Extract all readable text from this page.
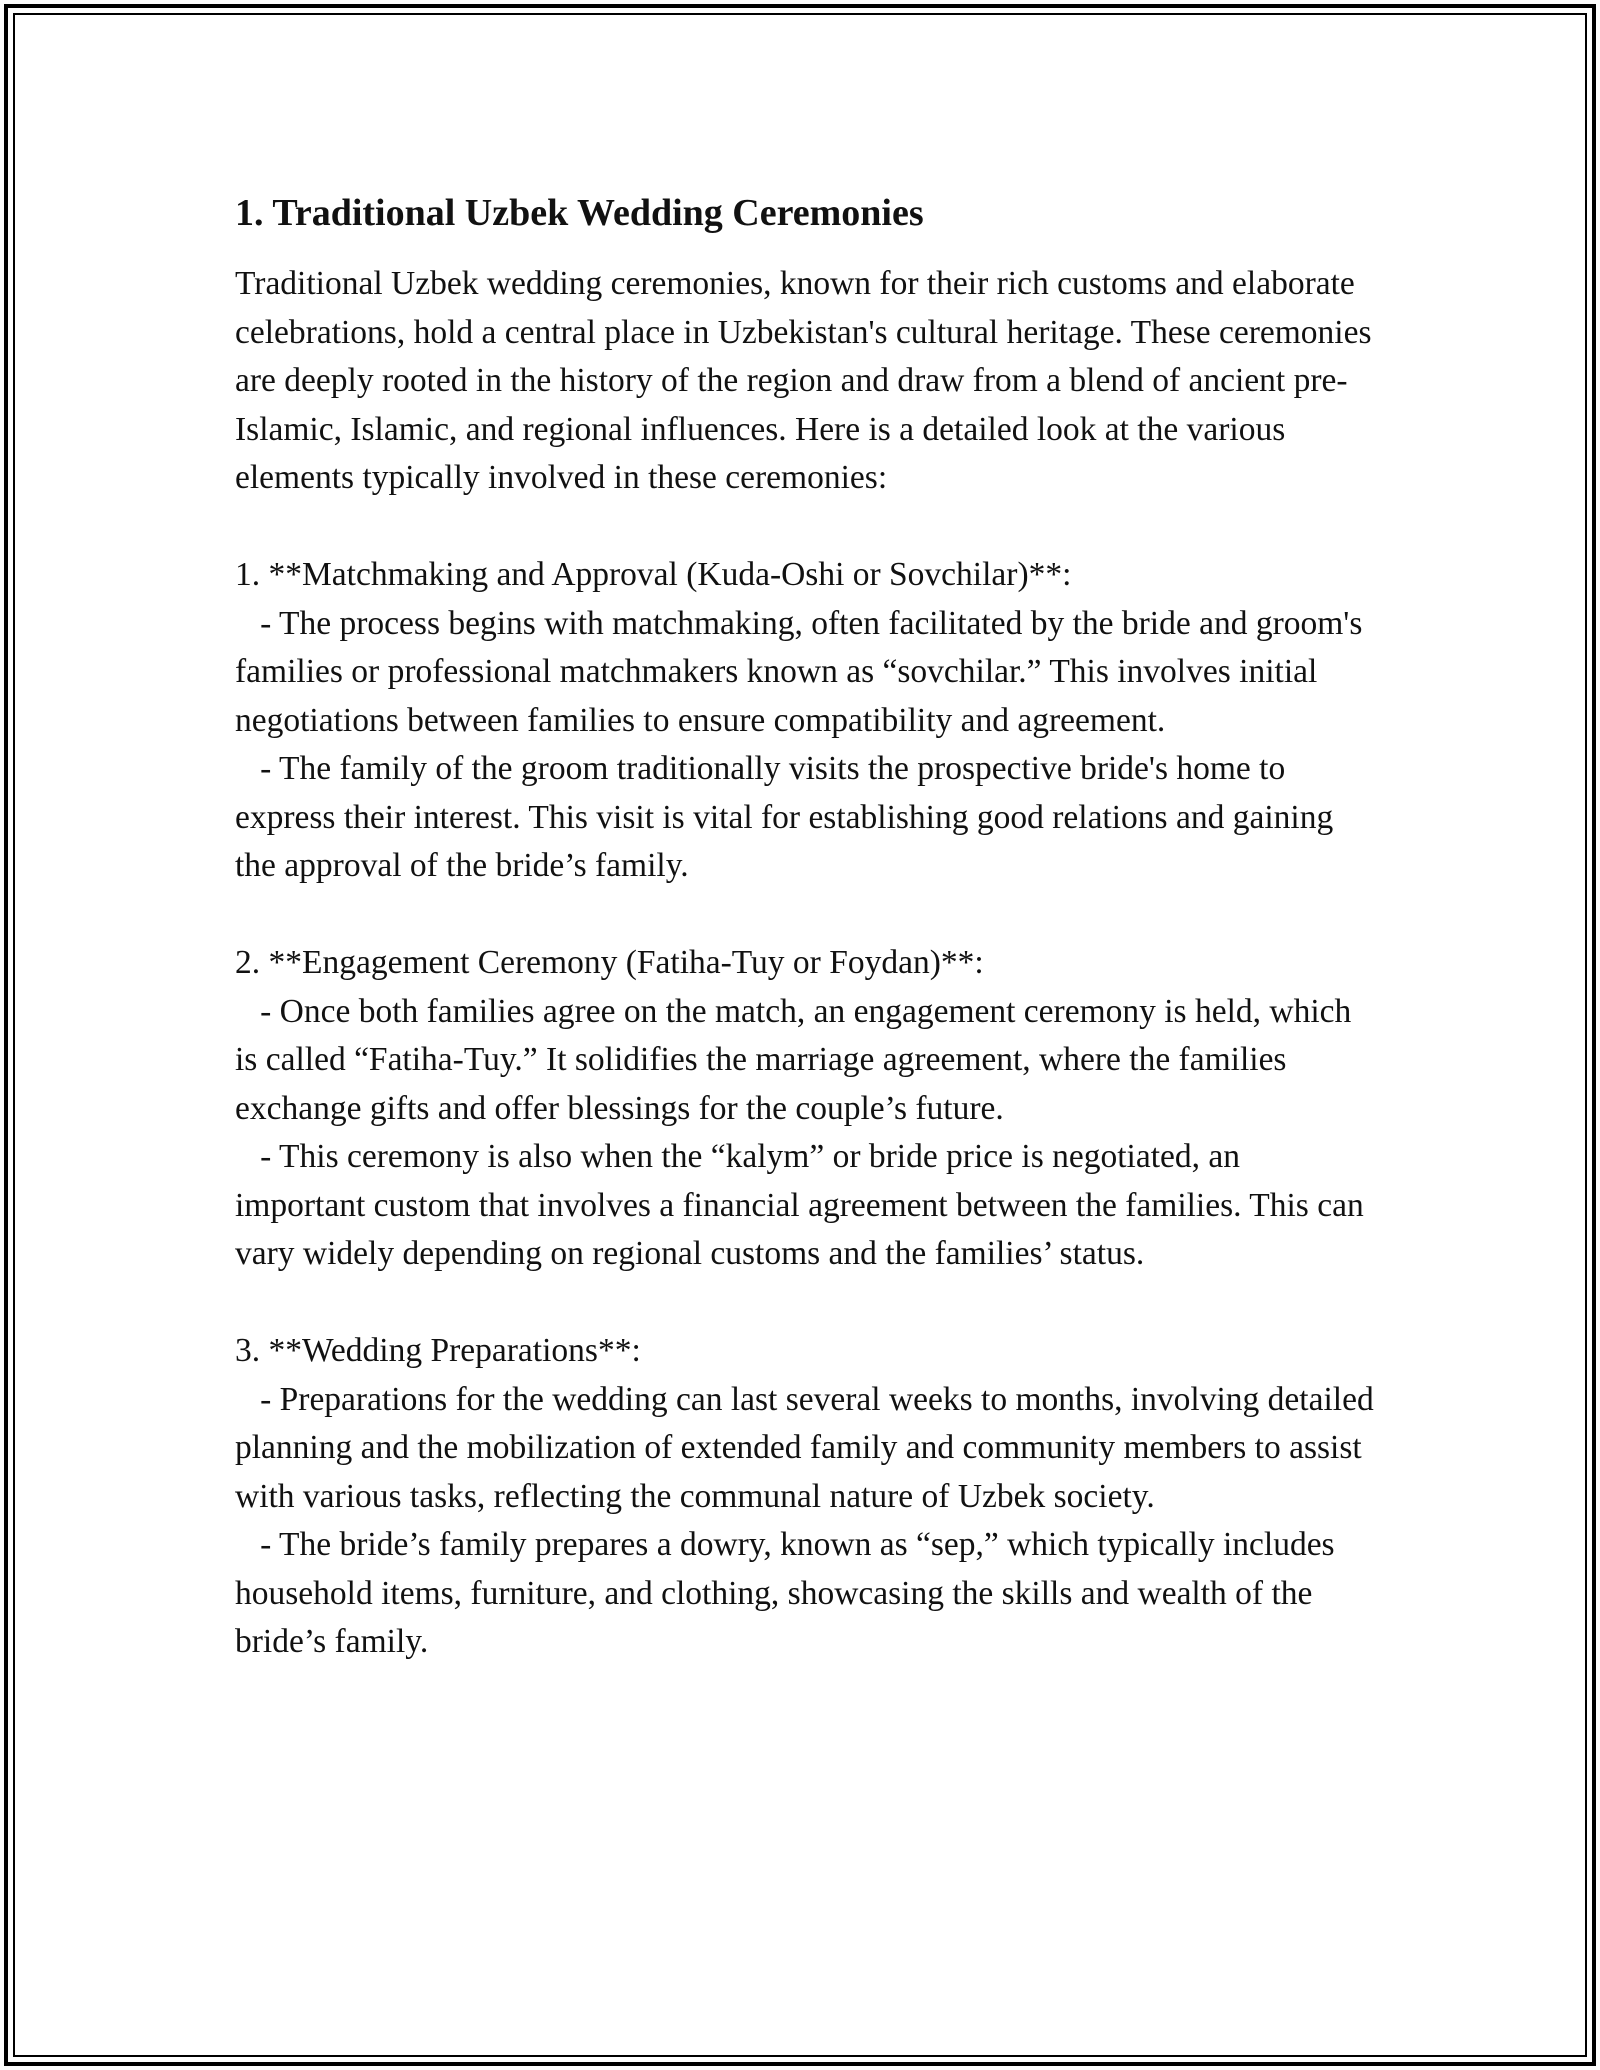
1. Traditional Uzbek Wedding Ceremonies

Traditional Uzbek wedding ceremonies, known for their rich customs and elaborate celebrations, hold a central place in Uzbekistan's cultural heritage. These ceremonies are deeply rooted in the history of the region and draw from a blend of ancient pre-Islamic, Islamic, and regional influences. Here is a detailed look at the various elements typically involved in these ceremonies:

1. **Matchmaking and Approval (Kuda-Oshi or Sovchilar)**:

- The process begins with matchmaking, often facilitated by the bride and groom's families or professional matchmakers known as “sovchilar.” This involves initial negotiations between families to ensure compatibility and agreement.

- The family of the groom traditionally visits the prospective bride's home to express their interest. This visit is vital for establishing good relations and gaining the approval of the bride’s family.

2. **Engagement Ceremony (Fatiha-Tuy or Foydan)**:

- Once both families agree on the match, an engagement ceremony is held, which is called “Fatiha-Tuy.” It solidifies the marriage agreement, where the families exchange gifts and offer blessings for the couple’s future.

- This ceremony is also when the “kalym” or bride price is negotiated, an important custom that involves a financial agreement between the families. This can vary widely depending on regional customs and the families’ status.

3. **Wedding Preparations**:

- Preparations for the wedding can last several weeks to months, involving detailed planning and the mobilization of extended family and community members to assist with various tasks, reflecting the communal nature of Uzbek society.

- The bride’s family prepares a dowry, known as “sep,” which typically includes household items, furniture, and clothing, showcasing the skills and wealth of the bride’s family.
